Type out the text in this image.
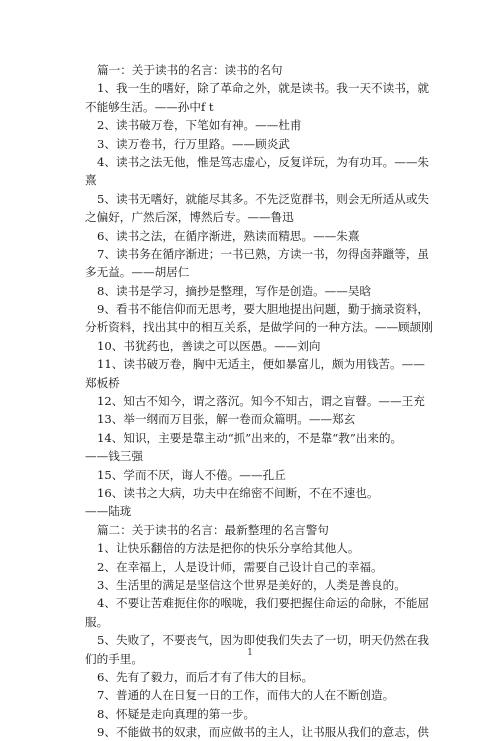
篇一：关于读书的名言：读书的名句
1、我一生的嗜好，除了革命之外，就是读书。我一天不读书，就
不能够生活。——孙中f t
2、读书破万卷，下笔如有神。——杜甫
3、读万卷书，行万里路。——顾炎武
4、读书之法无他，惟是笃志虚心，反复详玩，为有功耳。——朱
熹
5、读书无嗜好，就能尽其多。不先泛览群书，则会无所适从或失
之偏好，广然后深，博然后专。——鲁迅
6、读书之法，在循序渐进，熟读而精思。——朱熹
7、读书务在循序渐进；一书已熟，方读一书，勿得卤莽躐等，虽
多无益。——胡居仁
8、读书是学习，摘抄是整理，写作是创造。——吴晗
9、看书不能信仰而无思考，要大胆地提出问题，勤于摘录资料，
分析资料，找出其中的相互关系，是做学问的一种方法。——顾颉刚
10、书犹药也，善读之可以医愚。——刘向
11、读书破万卷，胸中无适主，便如暴富儿，颇为用钱苦。——
郑板桥
12、知古不知今，谓之落沉。知今不知古，谓之盲瞽。——王充
13、举一纲而万目张，解一卷而众篇明。——郑玄
14、知识，主要是靠主动“抓”出来的，不是靠“教”出来的。
——钱三强
15、学而不厌，诲人不倦。——孔丘
16、读书之大病，功夫中在绵密不间断，不在不速也。
——陆珑
篇二：关于读书的名言：最新整理的名言警句
1、让快乐翻倍的方法是把你的快乐分享给其他人。
2、在幸福上，人是设计师，需要自己设计自己的幸福。
3、生活里的满足是坚信这个世界是美好的，人类是善良的。
4、不要让苦难扼住你的喉咙，我们要把握住命运的命脉，不能屈
服。
5、失败了，不要丧气，因为即使我们失去了一切，明天仍然在我
们的手里。
6、先有了毅力，而后才有了伟大的目标。
7、普通的人在日复一日的工作，而伟大的人在不断创造。
8、怀疑是走向真理的第一步。
9、不能做书的奴隶，而应做书的主人，让书服从我们的意志，供
1
